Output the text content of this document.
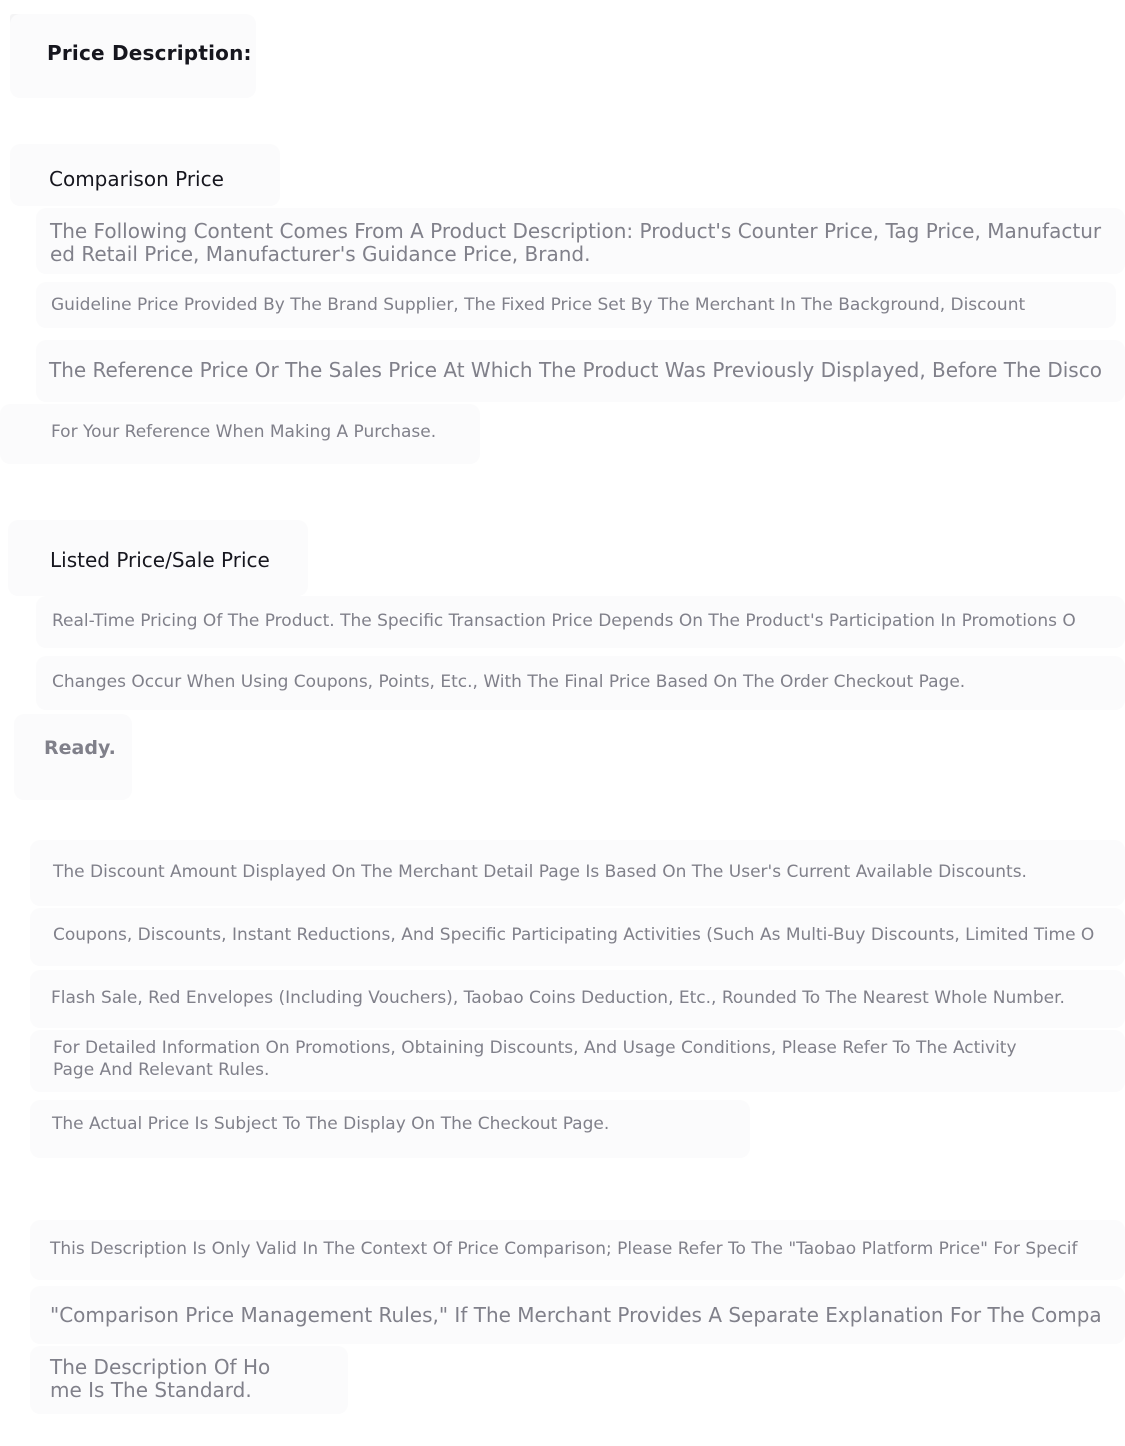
Price Description:
Comparison Price
The Following Content Comes From A Product Description: Product's Counter Price, Tag Price, Manufactur
ed Retail Price, Manufacturer's Guidance Price, Brand.
Guideline Price Provided By The Brand Supplier, The Fixed Price Set By The Merchant In The Background, Discount
The Reference Price Or The Sales Price At Which The Product Was Previously Displayed, Before The Disco
For Your Reference When Making A Purchase.
Listed Price/Sale Price
Real-Time Pricing Of The Product. The Specific Transaction Price Depends On The Product's Participation In Promotions O
Changes Occur When Using Coupons, Points, Etc., With The Final Price Based On The Order Checkout Page.
Ready.
The Discount Amount Displayed On The Merchant Detail Page Is Based On The User's Current Available Discounts.
Coupons, Discounts, Instant Reductions, And Specific Participating Activities (Such As Multi-Buy Discounts, Limited Time O
Flash Sale, Red Envelopes (Including Vouchers), Taobao Coins Deduction, Etc., Rounded To The Nearest Whole Number.
For Detailed Information On Promotions, Obtaining Discounts, And Usage Conditions, Please Refer To The Activity
Page And Relevant Rules.
The Actual Price Is Subject To The Display On The Checkout Page.
This Description Is Only Valid In The Context Of Price Comparison; Please Refer To The "Taobao Platform Price" For Specif
"Comparison Price Management Rules," If The Merchant Provides A Separate Explanation For The Compa
The Description Of Ho
me Is The Standard.
